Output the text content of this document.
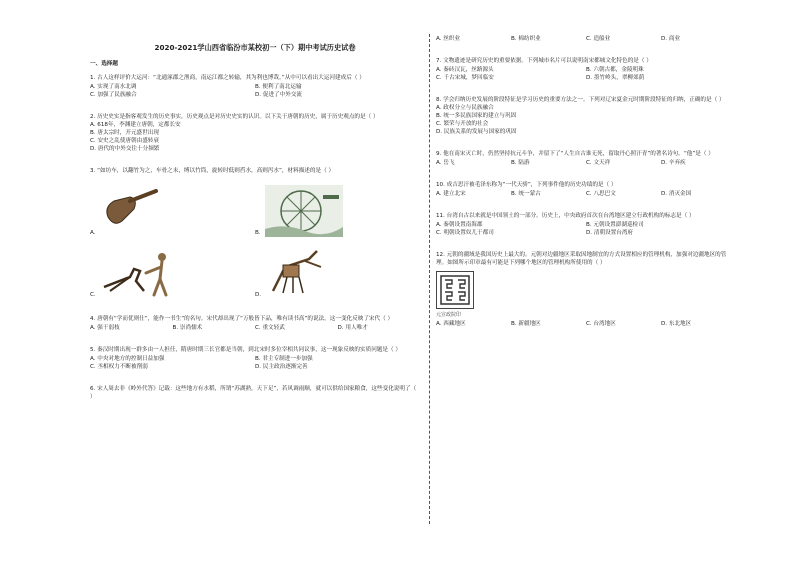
2020-2021学山西省临汾市某校初一（下）期中考试历史试卷
一、选择题

1. 古人这样评价大运河：“北通涿郡之渔商，南运江都之转输，其为利也博哉。”从中可以看出大运河建成后（ ）

A. 实现了南水北调	B. 便利了南北运输
C. 加强了民族融合	D. 促进了中外交流

2. 历史史实是指客观发生的历史事实，历史观点是对历史史实的认识。以下关于唐朝的历史，属于历史观点的是（ ）

A. 618年，李渊建立唐朝，定都长安
B. 唐太宗时，开元盛世出现
C. 安史之乱使唐朝由盛转衰
D. 唐代的中外交往十分频繁

3. “如坊车，以翻竹为之，车骨之末，缚以竹筒，旋转时低则舀水，高则泻水”，材料描述的是（ ）

A.	B.
C.	D.

4. 唐朝有“学而优则仕”，能作一书生”的名句。宋代却出现了“万般皆下品，唯有读书高”的说法。这一变化反映了宋代（ ）

A. 强干弱枝	B. 崇尚儒术	C. 重文轻武	D. 用人唯才

5. 秦汉时期出现一群多由一人担任，隋唐时期三长官都是当朝，到北宋时多位宰相共同议事，这一现象反映的实质问题是（ ）

A. 中央对地方的控制日益加强	B. 君主专制进一步加强
C. 丞相权力不断被削弱	D. 民主政治逐渐完善

6. 宋人周去非《岭外代答》记载：这些地方有水稻，所谓“苏湖熟，天下足”，若风调雨顺，就可以供给国家粮食，这些变化说明了（ ）

A. 丝织业	B. 棉纺织业	C. 造船业	D. 商业

7. 文物遗迹是研究历史的重要依据。下列城市名片可以说明南宋都城文化特色的是（ ）

A. 秦砖汉瓦，丝路源头	B. 六朝古都，金陵明珠
C. 千古宋城，梦回临安	D. 墨竹岭头，翠柳郊荫

8. 学会归纳历史发展的阶段特征是学习历史的重要方法之一。下列对辽宋夏金元时期阶段特征的归纳，正确的是（ ）

A. 政权分立与民族融合
B. 统一多民族国家的建立与巩固
C. 繁荣与开放的社会
D. 民族关系的发展与国家的巩固

9. 他在南宋灭亡时，仍然坚持抗元斗争，并留下了“人生自古谁无死，留取丹心照汗青”的著名诗句。“他”是（ ）

A. 岳飞	B. 陆游	C. 文天祥	D. 辛弃疾

10. 成吉思汗被毛泽东称为“一代天骄”，下列事件他的历史功绩的是（ ）

A. 建立北宋	B. 统一蒙古	C. 八思巴文	D. 消灭金国

11. 台湾自古以来就是中国领土的一部分。历史上，中央政府首次在台湾地区建立行政机构的标志是（ ）

A. 秦朝设置南海郡	B. 元朝设置澎湖巡检司
C. 明朝设置奴儿干都司	D. 清朝设置台湾府

12. 元朝的疆域是我国历史上最大的。元朝对边疆地区采取因地制宜的方式设置相应的管理机构，加强对边疆地区的管理。如图所示印章最有可能是下列哪个地区的管理机构所使用的（ ）

元宣政院印
A. 西藏地区	B. 新疆地区	C. 台湾地区	D. 东北地区
